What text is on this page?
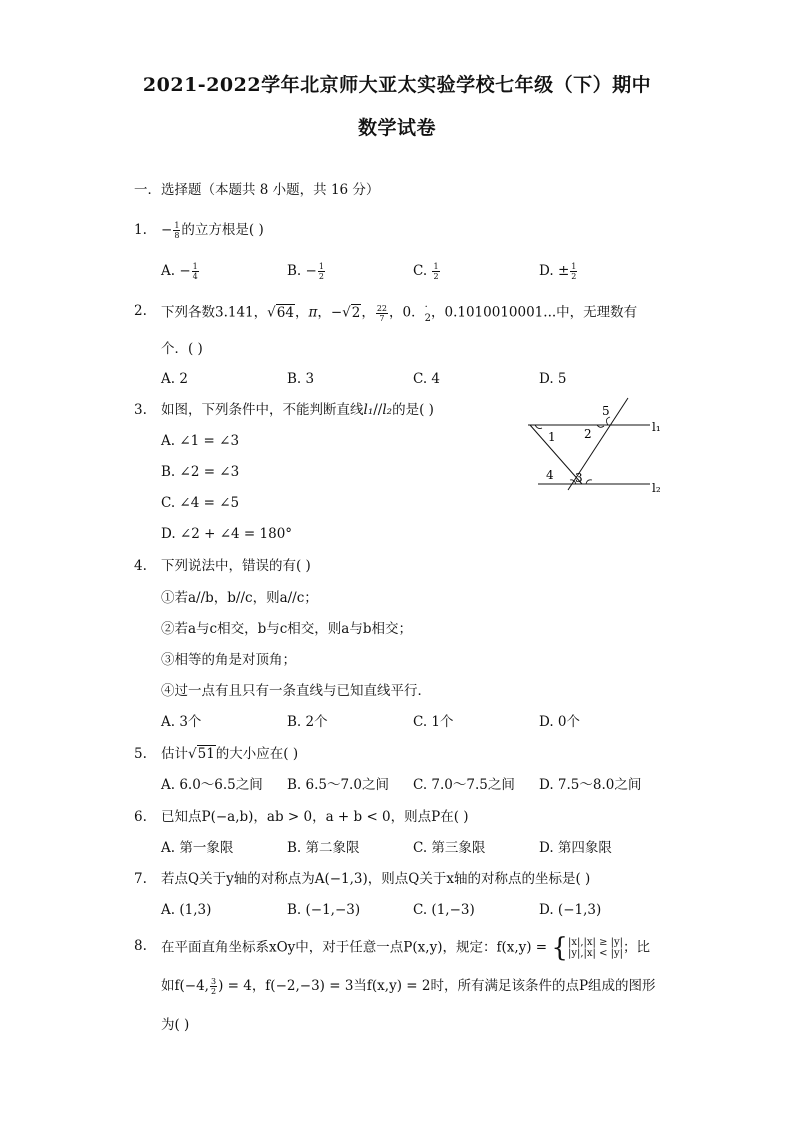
2021-2022学年北京师大亚太实验学校七年级（下）期中
数学试卷
一．选择题（本题共 8 小题，共 16 分）
1. − $\frac{1}{8}$ 的立方根是( )
A. − $\frac{1}{4}$	B. − $\frac{1}{2}$	C. $\frac{1}{2}$	D. ± $\frac{1}{2}$
2. 下列各数3.141，√64，π，−√2， $\frac{22}{7}$ ，0． ·
2 ，0.1010010001...中，无理数有
个．( )
A. 2	B. 3	C. 4	D. 5
3. 如图，下列条件中，不能判断直线l₁//l₂的是( )
A. ∠1 = ∠3
B. ∠2 = ∠3
C. ∠4 = ∠5
D. ∠2 + ∠4 = 180°
1 2
3
4
5
l₁
l₂
4. 下列说法中，错误的有( )
①若a//b，b//c，则a//c；
②若a与c相交，b与c相交，则a与b相交；
③相等的角是对顶角；
④过一点有且只有一条直线与已知直线平行．
A. 3个	B. 2个	C. 1个	D. 0个
5. 估计√51的大小应在( )
A. 6.0～6.5之间 B. 6.5～7.0之间 C. 7.0～7.5之间 D. 7.5～8.0之间
6. 已知点P(−a,b)，ab > 0，a + b < 0，则点P在( )
A. 第一象限	B. 第二象限	C. 第三象限	D. 第四象限
7. 若点Q关于y轴的对称点为A(−1,3)，则点Q关于x轴的对称点的坐标是( )
A. (1,3)	B. (−1,−3)	C. (1,−3)	D. (−1,3)
8. 在平面直角坐标系xOy中，对于任意一点P(x,y)，规定：f(x,y) = { |x|,|x| ≥ |y|
|y|,|x| < |y| ；比
如f(−4, $\frac{3}{2}$ ) = 4，f(−2,−3) = 3当f(x,y) = 2时，所有满足该条件的点P组成的图形
为( )
